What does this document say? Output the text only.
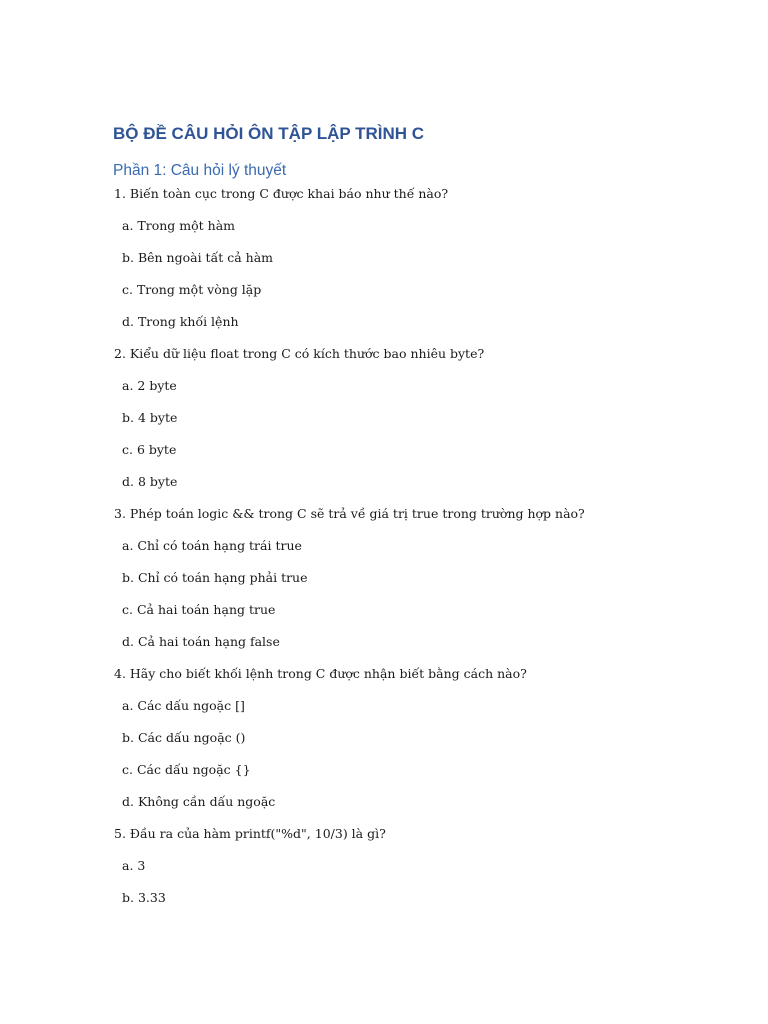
BỘ ĐỀ CÂU HỎI ÔN TẬP LẬP TRÌNH C
Phần 1: Câu hỏi lý thuyết
1. Biến toàn cục trong C được khai báo như thế nào?
a. Trong một hàm
b. Bên ngoài tất cả hàm
c. Trong một vòng lặp
d. Trong khối lệnh
2. Kiểu dữ liệu float trong C có kích thước bao nhiêu byte?
a. 2 byte
b. 4 byte
c. 6 byte
d. 8 byte
3. Phép toán logic && trong C sẽ trả về giá trị true trong trường hợp nào?
a. Chỉ có toán hạng trái true
b. Chỉ có toán hạng phải true
c. Cả hai toán hạng true
d. Cả hai toán hạng false
4. Hãy cho biết khối lệnh trong C được nhận biết bằng cách nào?
a. Các dấu ngoặc []
b. Các dấu ngoặc ()
c. Các dấu ngoặc {}
d. Không cần dấu ngoặc
5. Đầu ra của hàm printf("%d", 10/3) là gì?
a. 3
b. 3.33
